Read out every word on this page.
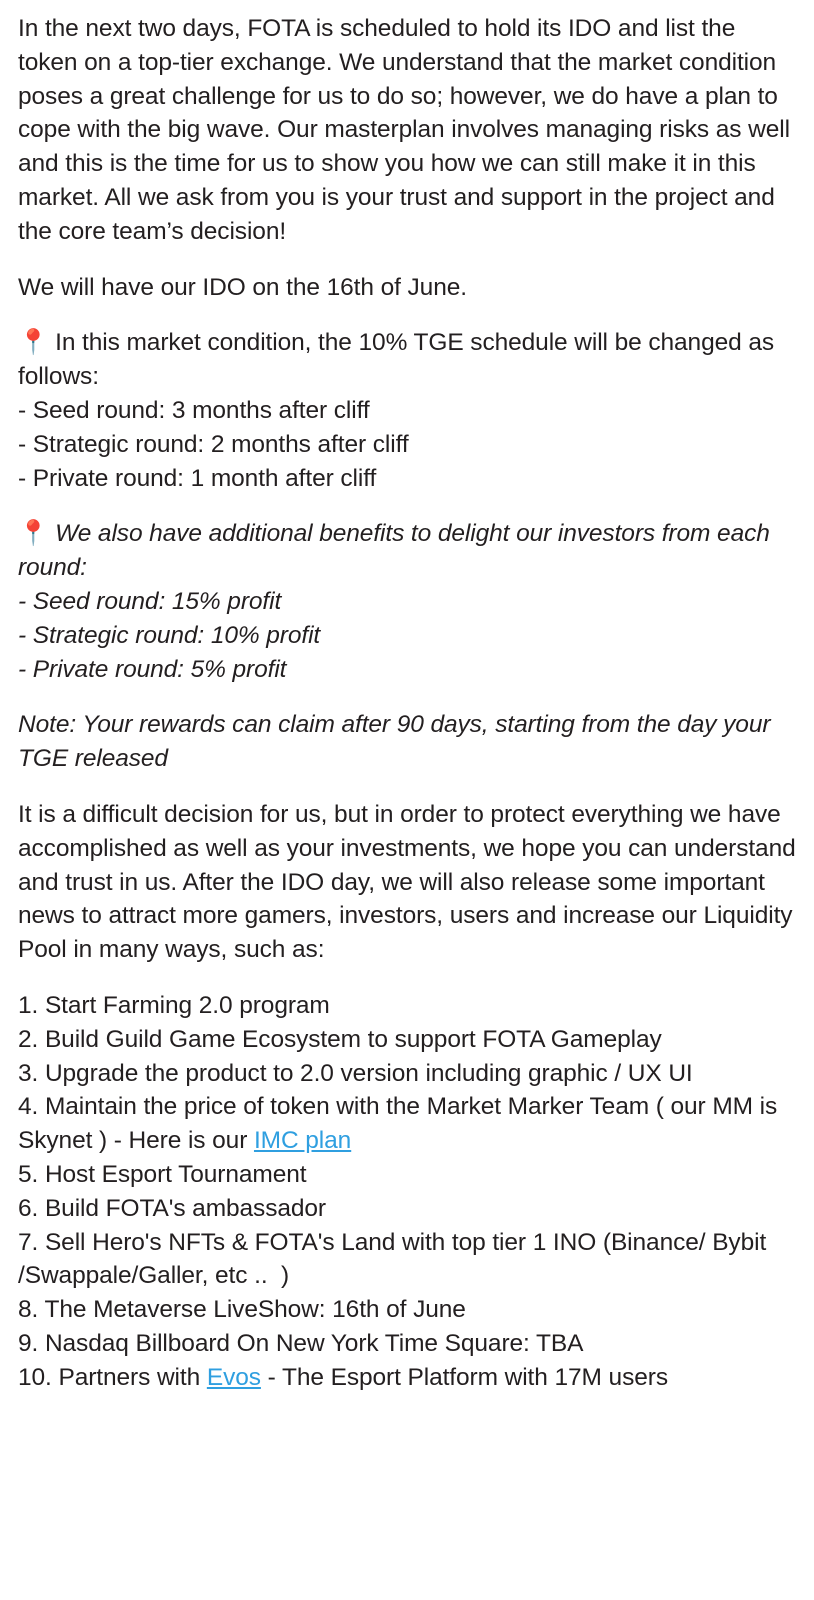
In the next two days, FOTA is scheduled to hold its IDO and list the token on a top-tier exchange. We understand that the market condition poses a great challenge for us to do so; however, we do have a plan to cope with the big wave. Our masterplan involves managing risks as well and this is the time for us to show you how we can still make it in this market. All we ask from you is your trust and support in the project and the core team’s decision!

We will have our IDO on the 16th of June.

📍 In this market condition, the 10% TGE schedule will be changed as follows:
- Seed round: 3 months after cliff
- Strategic round: 2 months after cliff
- Private round: 1 month after cliff
📍 We also have additional benefits to delight our investors from each round:
- Seed round: 15% profit
- Strategic round: 10% profit
- Private round: 5% profit

Note: Your rewards can claim after 90 days, starting from the day your TGE released

It is a difficult decision for us, but in order to protect everything we have accomplished as well as your investments, we hope you can understand and trust in us. After the IDO day, we will also release some important news to attract more gamers, investors, users and increase our Liquidity Pool in many ways, such as:

1. Start Farming 2.0 program
2. Build Guild Game Ecosystem to support FOTA Gameplay
3. Upgrade the product to 2.0 version including graphic / UX UI
4. Maintain the price of token with the Market Marker Team ( our MM is Skynet ) - Here is our IMC plan
5. Host Esport Tournament
6. Build FOTA's ambassador
7. Sell Hero's NFTs & FOTA's Land with top tier 1 INO (Binance/ Bybit /Swappale/Galler, etc ..  )
8. The Metaverse LiveShow: 16th of June
9. Nasdaq Billboard On New York Time Square: TBA
10. Partners with Evos - The Esport Platform with 17M users
